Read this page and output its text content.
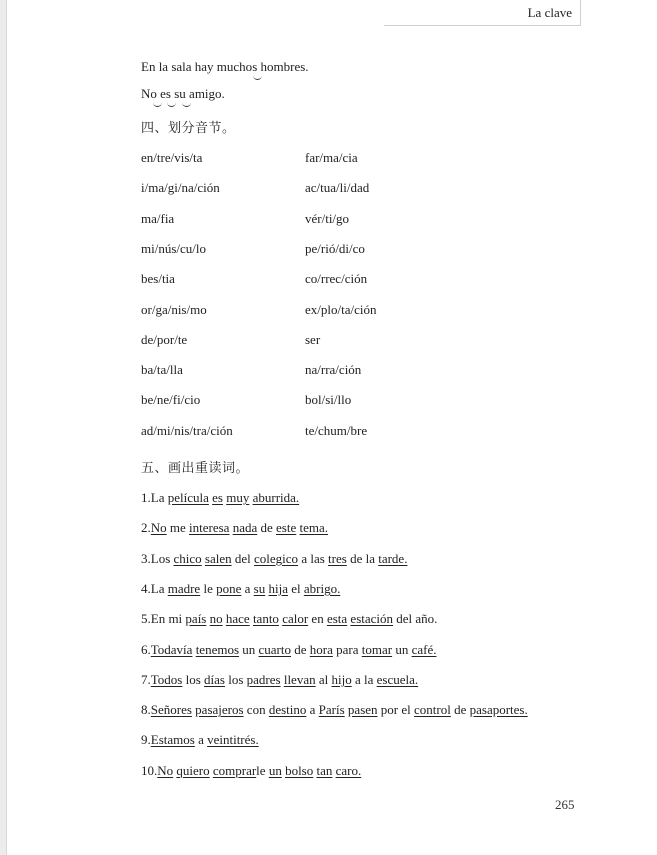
La clave
En la sala hay muchos hombres.
No es su amigo.
四、划分音节。
en/tre/vis/ta	far/ma/cia
i/ma/gi/na/ción	ac/tua/li/dad
ma/fia	vér/ti/go
mi/nús/cu/lo	pe/rió/di/co
bes/tia	co/rrec/ción
or/ga/nis/mo	ex/plo/ta/ción
de/por/te	ser
ba/ta/lla	na/rra/ción
be/ne/fi/cio	bol/si/llo
ad/mi/nis/tra/ción	te/chum/bre
五、画出重读词。
1.La película es muy aburrida.
2.No me interesa nada de este tema.
3.Los chico salen del colegico a las tres de la tarde.
4.La madre le pone a su hija el abrigo.
5.En mi país no hace tanto calor en esta estación del año.
6.Todavía tenemos un cuarto de hora para tomar un café.
7.Todos los días los padres llevan al hijo a la escuela.
8.Señores pasajeros con destino a París pasen por el control de pasaportes.
9.Estamos a veintitrés.
10.No quiero comprarle un bolso tan caro.
265
